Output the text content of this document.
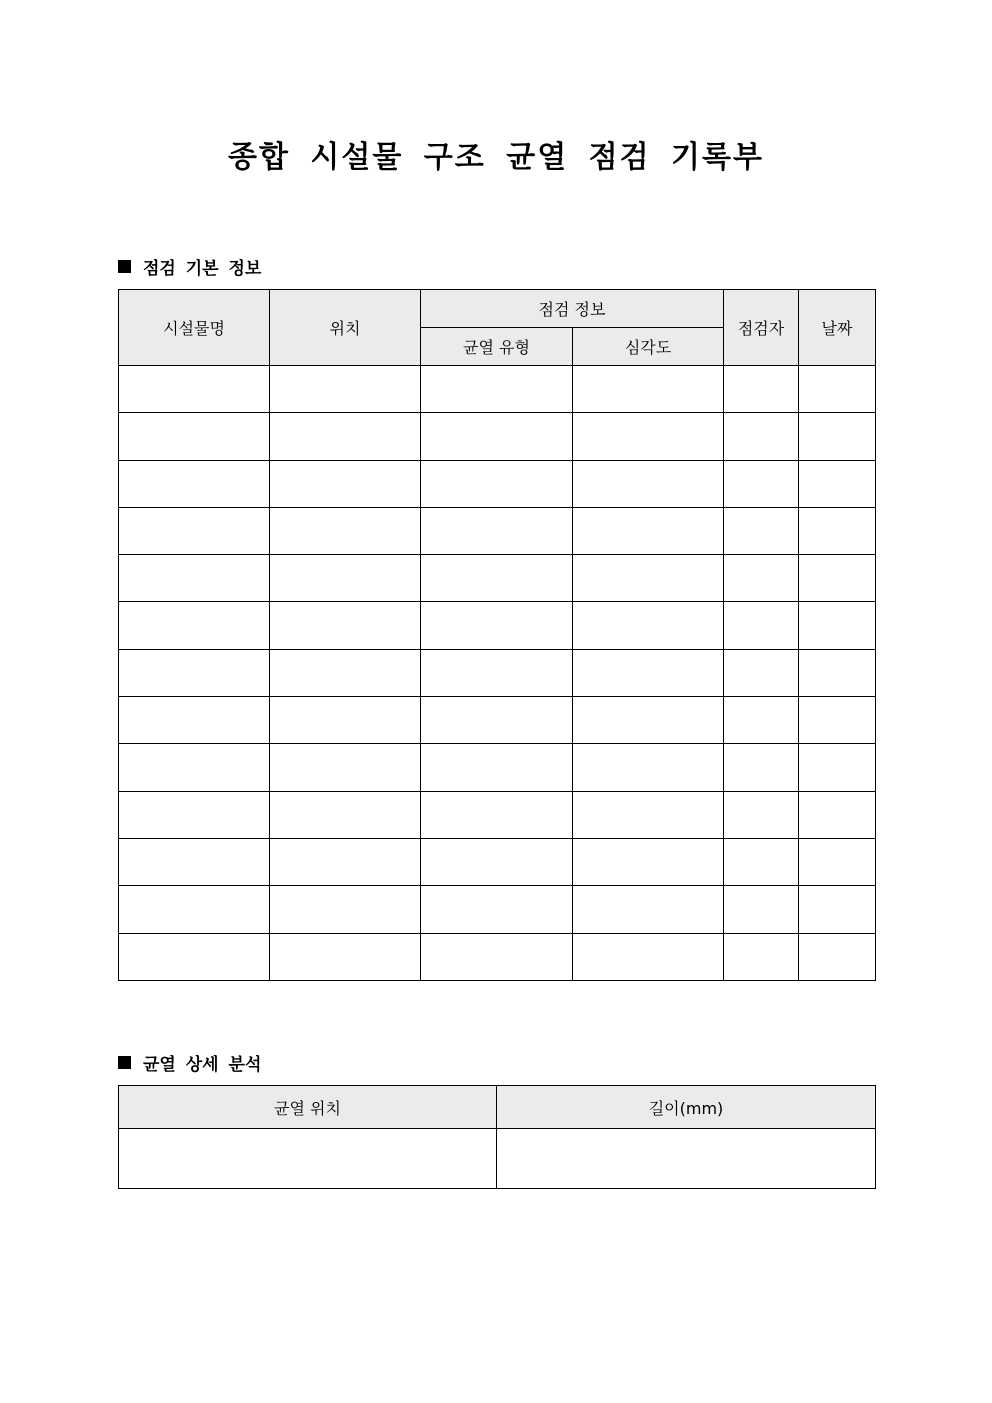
종합 시설물 구조 균열 점검 기록부
점검 기본 정보
시설물명	위치	점검 정보		점검자	날짜
		균열 유형	심각도		

균열 상세 분석
균열 위치	길이(mm)
